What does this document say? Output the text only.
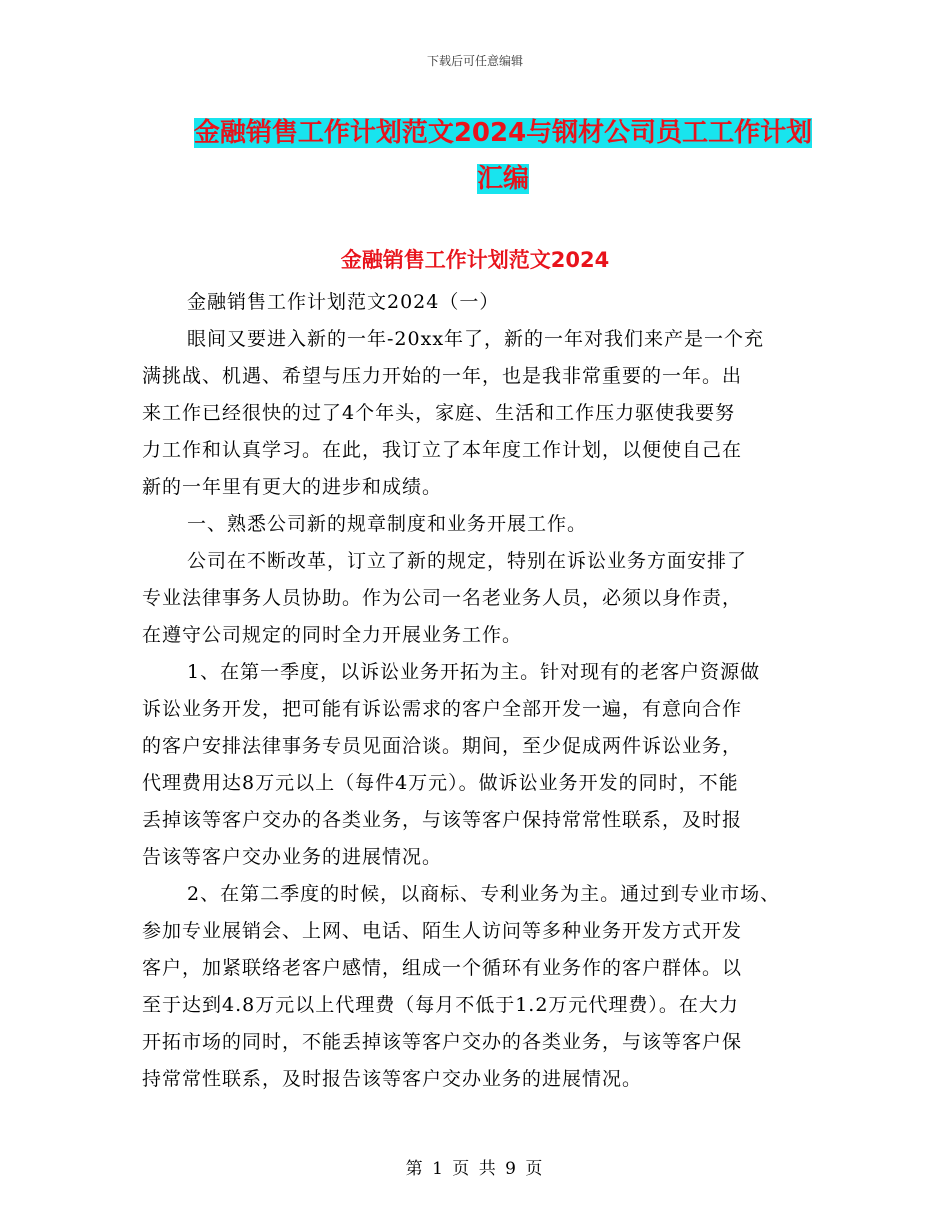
下载后可任意编辑
金融销售工作计划范文2024与钢材公司员工工作计划
汇编
金融销售工作计划范文2024
金融销售工作计划范文2024（一）
眼间又要进入新的一年-20xx年了，新的一年对我们来产是一个充
满挑战、机遇、希望与压力开始的一年，也是我非常重要的一年。出
来工作已经很快的过了4个年头，家庭、生活和工作压力驱使我要努
力工作和认真学习。在此，我订立了本年度工作计划，以便使自己在
新的一年里有更大的进步和成绩。
一、熟悉公司新的规章制度和业务开展工作。
公司在不断改革，订立了新的规定，特别在诉讼业务方面安排了
专业法律事务人员协助。作为公司一名老业务人员，必须以身作责，
在遵守公司规定的同时全力开展业务工作。
1、在第一季度，以诉讼业务开拓为主。针对现有的老客户资源做
诉讼业务开发，把可能有诉讼需求的客户全部开发一遍，有意向合作
的客户安排法律事务专员见面洽谈。期间，至少促成两件诉讼业务，
代理费用达8万元以上（每件4万元）。做诉讼业务开发的同时，不能
丢掉该等客户交办的各类业务，与该等客户保持常常性联系，及时报
告该等客户交办业务的进展情况。
2、在第二季度的时候，以商标、专利业务为主。通过到专业市场、
参加专业展销会、上网、电话、陌生人访问等多种业务开发方式开发
客户，加紧联络老客户感情，组成一个循环有业务作的客户群体。以
至于达到4.8万元以上代理费（每月不低于1.2万元代理费）。在大力
开拓市场的同时，不能丢掉该等客户交办的各类业务，与该等客户保
持常常性联系，及时报告该等客户交办业务的进展情况。
第 1 页 共 9 页
